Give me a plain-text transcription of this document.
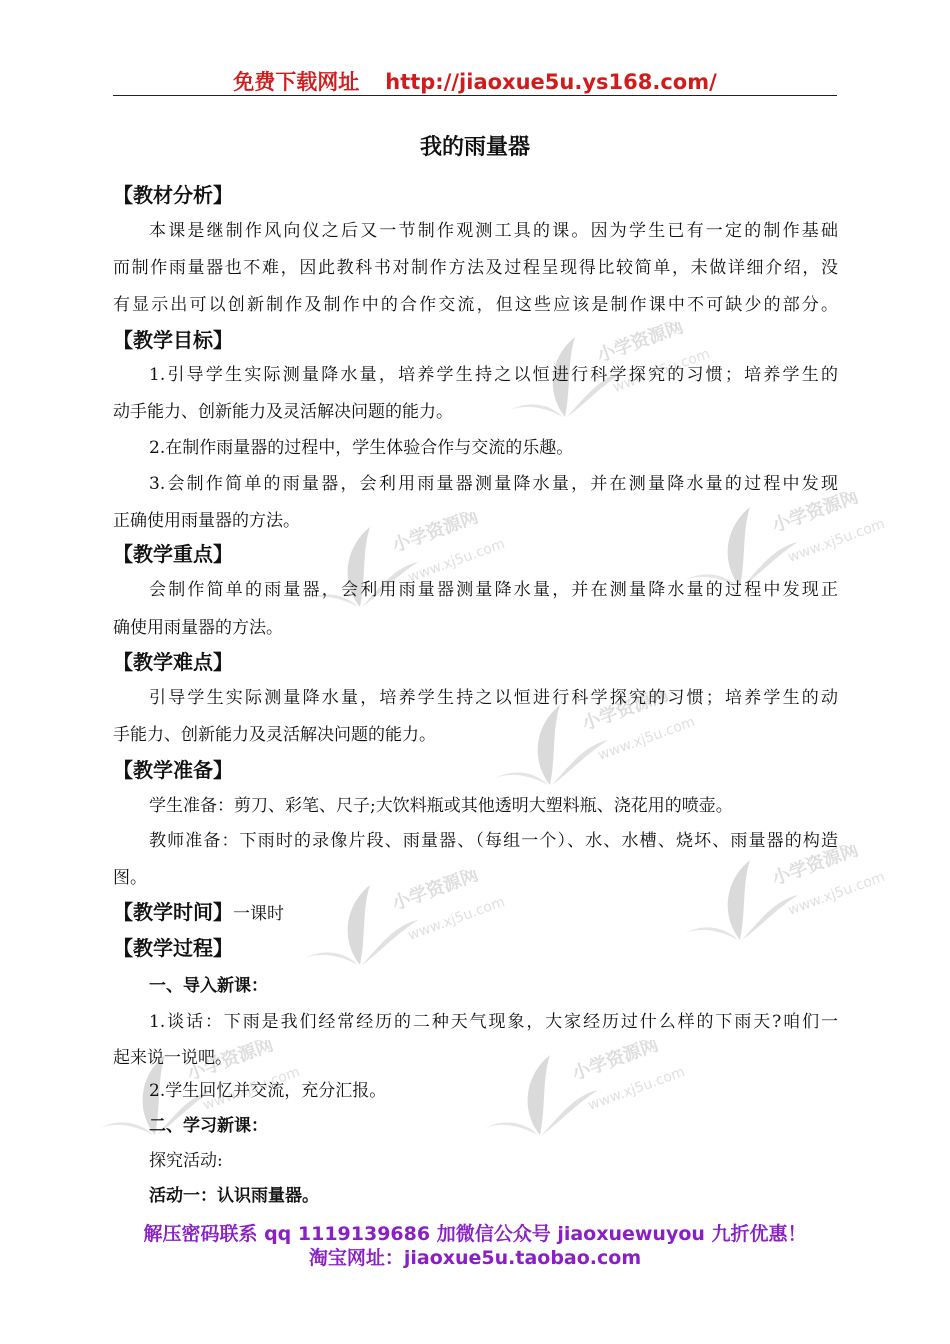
免费下载网址 http://jiaoxue5u.ys168.com/
我的雨量器
【教材分析】
本课是继制作风向仪之后又一节制作观测工具的课。因为学生已有一定的制作基础
而制作雨量器也不难，因此教科书对制作方法及过程呈现得比较简单，未做详细介绍，没
有显示出可以创新制作及制作中的合作交流，但这些应该是制作课中不可缺少的部分。
【教学目标】
1.引导学生实际测量降水量，培养学生持之以恒进行科学探究的习惯；培养学生的
动手能力、创新能力及灵活解决问题的能力。
2.在制作雨量器的过程中，学生体验合作与交流的乐趣。
3.会制作简单的雨量器，会利用雨量器测量降水量，并在测量降水量的过程中发现
正确使用雨量器的方法。
【教学重点】
会制作简单的雨量器，会利用雨量器测量降水量，并在测量降水量的过程中发现正
确使用雨量器的方法。
【教学难点】
引导学生实际测量降水量，培养学生持之以恒进行科学探究的习惯；培养学生的动
手能力、创新能力及灵活解决问题的能力。
【教学准备】
学生准备：剪刀、彩笔、尺子;大饮料瓶或其他透明大塑料瓶、浇花用的喷壶。
教师准备：下雨时的录像片段、雨量器、（每组一个）、水、水槽、烧坏、雨量器的构造
图。
【教学时间】一课时
【教学过程】
一、导入新课：
1.谈话：下雨是我们经常经历的二种天气现象，大家经历过什么样的下雨天?咱们一
起来说一说吧。
2.学生回忆并交流，充分汇报。
二、学习新课：
探究活动:
活动一：认识雨量器。
解压密码联系 qq 1119139686 加微信公众号 jiaoxuewuyou 九折优惠！
淘宝网址：jiaoxue5u.taobao.com
